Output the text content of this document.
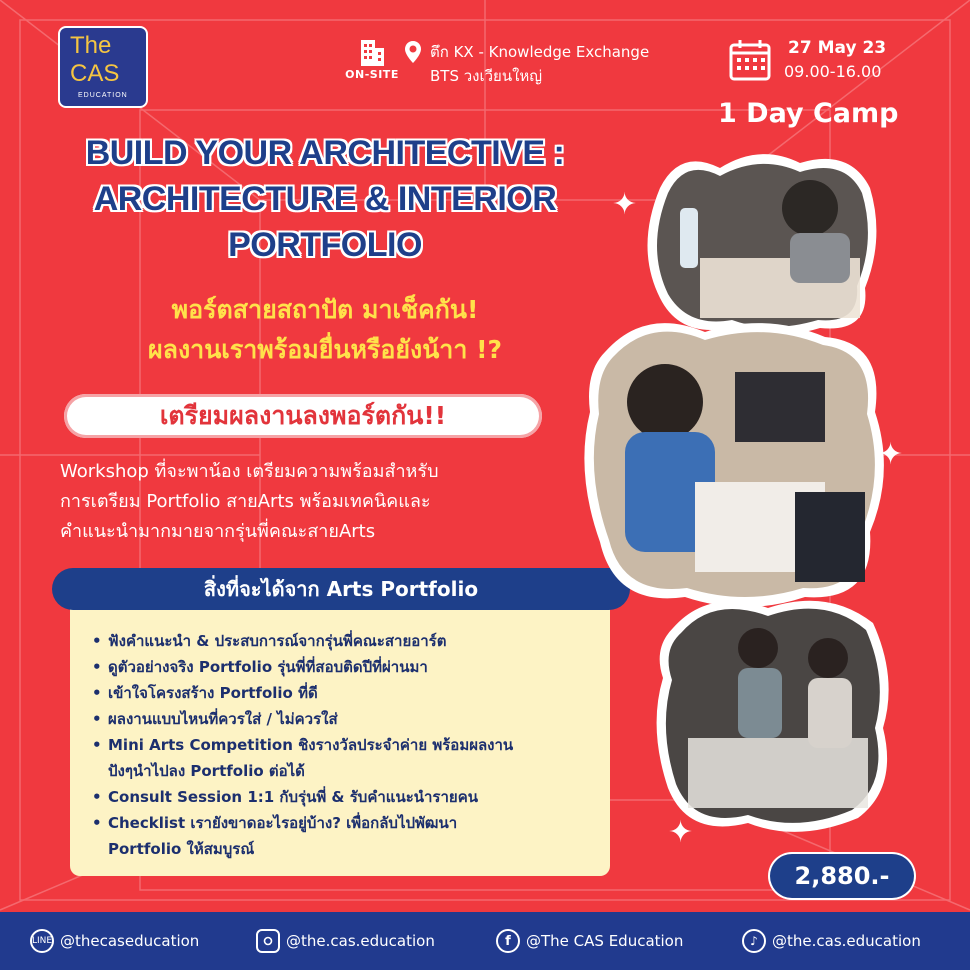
The
CAS
EDUCATION
ON-SITE
ตึก KX - Knowledge Exchange
BTS วงเวียนใหญ่
27 May 23
09.00-16.00
1 Day Camp
BUILD YOUR ARCHITECTIVE :
ARCHITECTURE & INTERIOR
PORTFOLIO
พอร์ตสายสถาปัต มาเช็คกัน!
ผลงานเราพร้อมยื่นหรือยังน้าา !?
เตรียมผลงานลงพอร์ตกัน!!
Workshop ที่จะพาน้อง เตรียมความพร้อมสำหรับ
การเตรียม Portfolio สายArts พร้อมเทคนิคและ
คำแนะนำมากมายจากรุ่นพี่คณะสายArts
สิ่งที่จะได้จาก Arts Portfolio
• ฟังคำแนะนำ & ประสบการณ์จากรุ่นพี่คณะสายอาร์ต
• ดูตัวอย่างจริง Portfolio รุ่นพี่ที่สอบติดปีที่ผ่านมา
• เข้าใจโครงสร้าง Portfolio ที่ดี
• ผลงานแบบไหนที่ควรใส่ / ไม่ควรใส่
• Mini Arts Competition ชิงรางวัลประจำค่าย พร้อมผลงาน
ปังๆนำไปลง Portfolio ต่อได้
• Consult Session 1:1 กับรุ่นพี่ & รับคำแนะนำรายคน
• Checklist เรายังขาดอะไรอยู่บ้าง? เพื่อกลับไปพัฒนา
Portfolio ให้สมบูรณ์
✦
✦
✦
2,880.-
LINE @thecaseducation	@the.cas.education	f	@The CAS Education	♪ @the.cas.education
